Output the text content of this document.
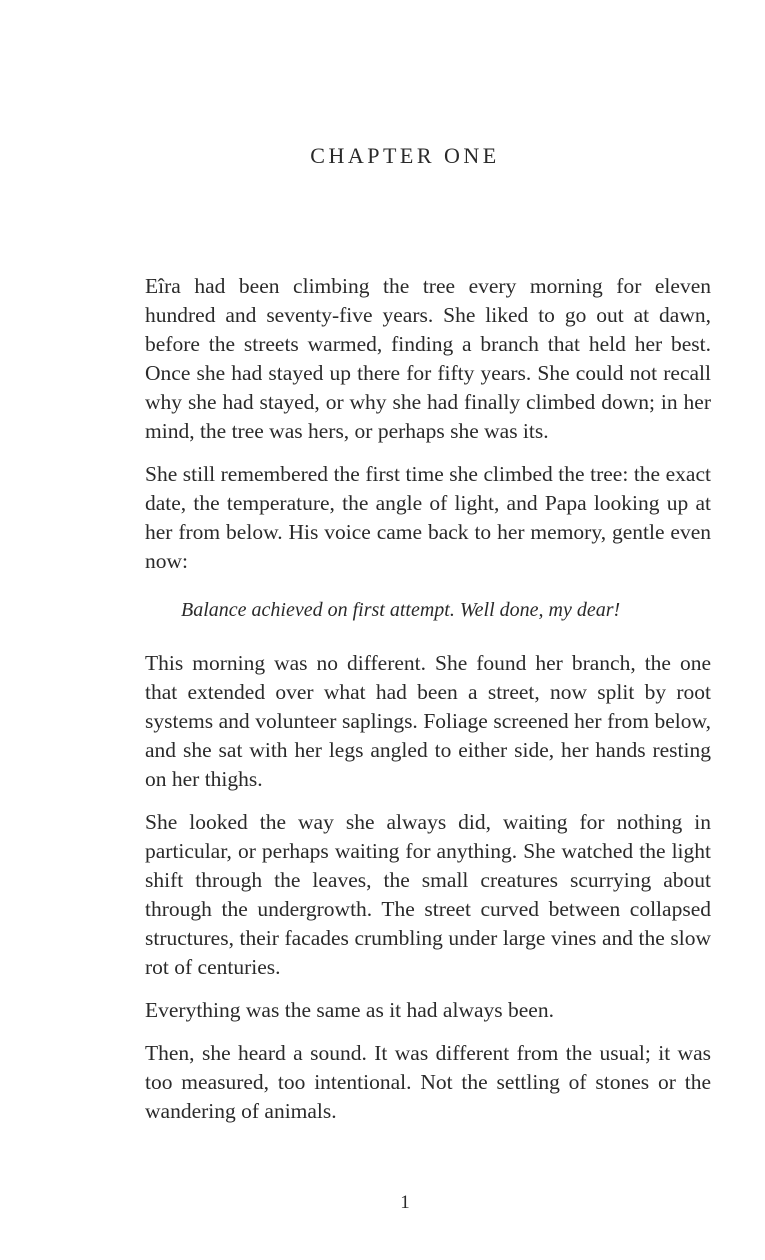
CHAPTER ONE

Eîra had been climbing the tree every morning for eleven hundred and seventy-five years. She liked to go out at dawn, before the streets warmed, finding a branch that held her best. Once she had stayed up there for fifty years. She could not recall why she had stayed, or why she had finally climbed down; in her mind, the tree was hers, or perhaps she was its.

She still remembered the first time she climbed the tree: the exact date, the temperature, the angle of light, and Papa looking up at her from below. His voice came back to her memory, gentle even now:

Balance achieved on first attempt. Well done, my dear!

This morning was no different. She found her branch, the one that extended over what had been a street, now split by root systems and volunteer saplings. Foliage screened her from below, and she sat with her legs angled to either side, her hands resting on her thighs.

She looked the way she always did, waiting for nothing in particular, or perhaps waiting for anything. She watched the light shift through the leaves, the small creatures scurrying about through the undergrowth. The street curved between collapsed structures, their facades crumbling under large vines and the slow rot of centuries.

Everything was the same as it had always been.

Then, she heard a sound. It was different from the usual; it was too measured, too intentional. Not the settling of stones or the wandering of animals.

1
